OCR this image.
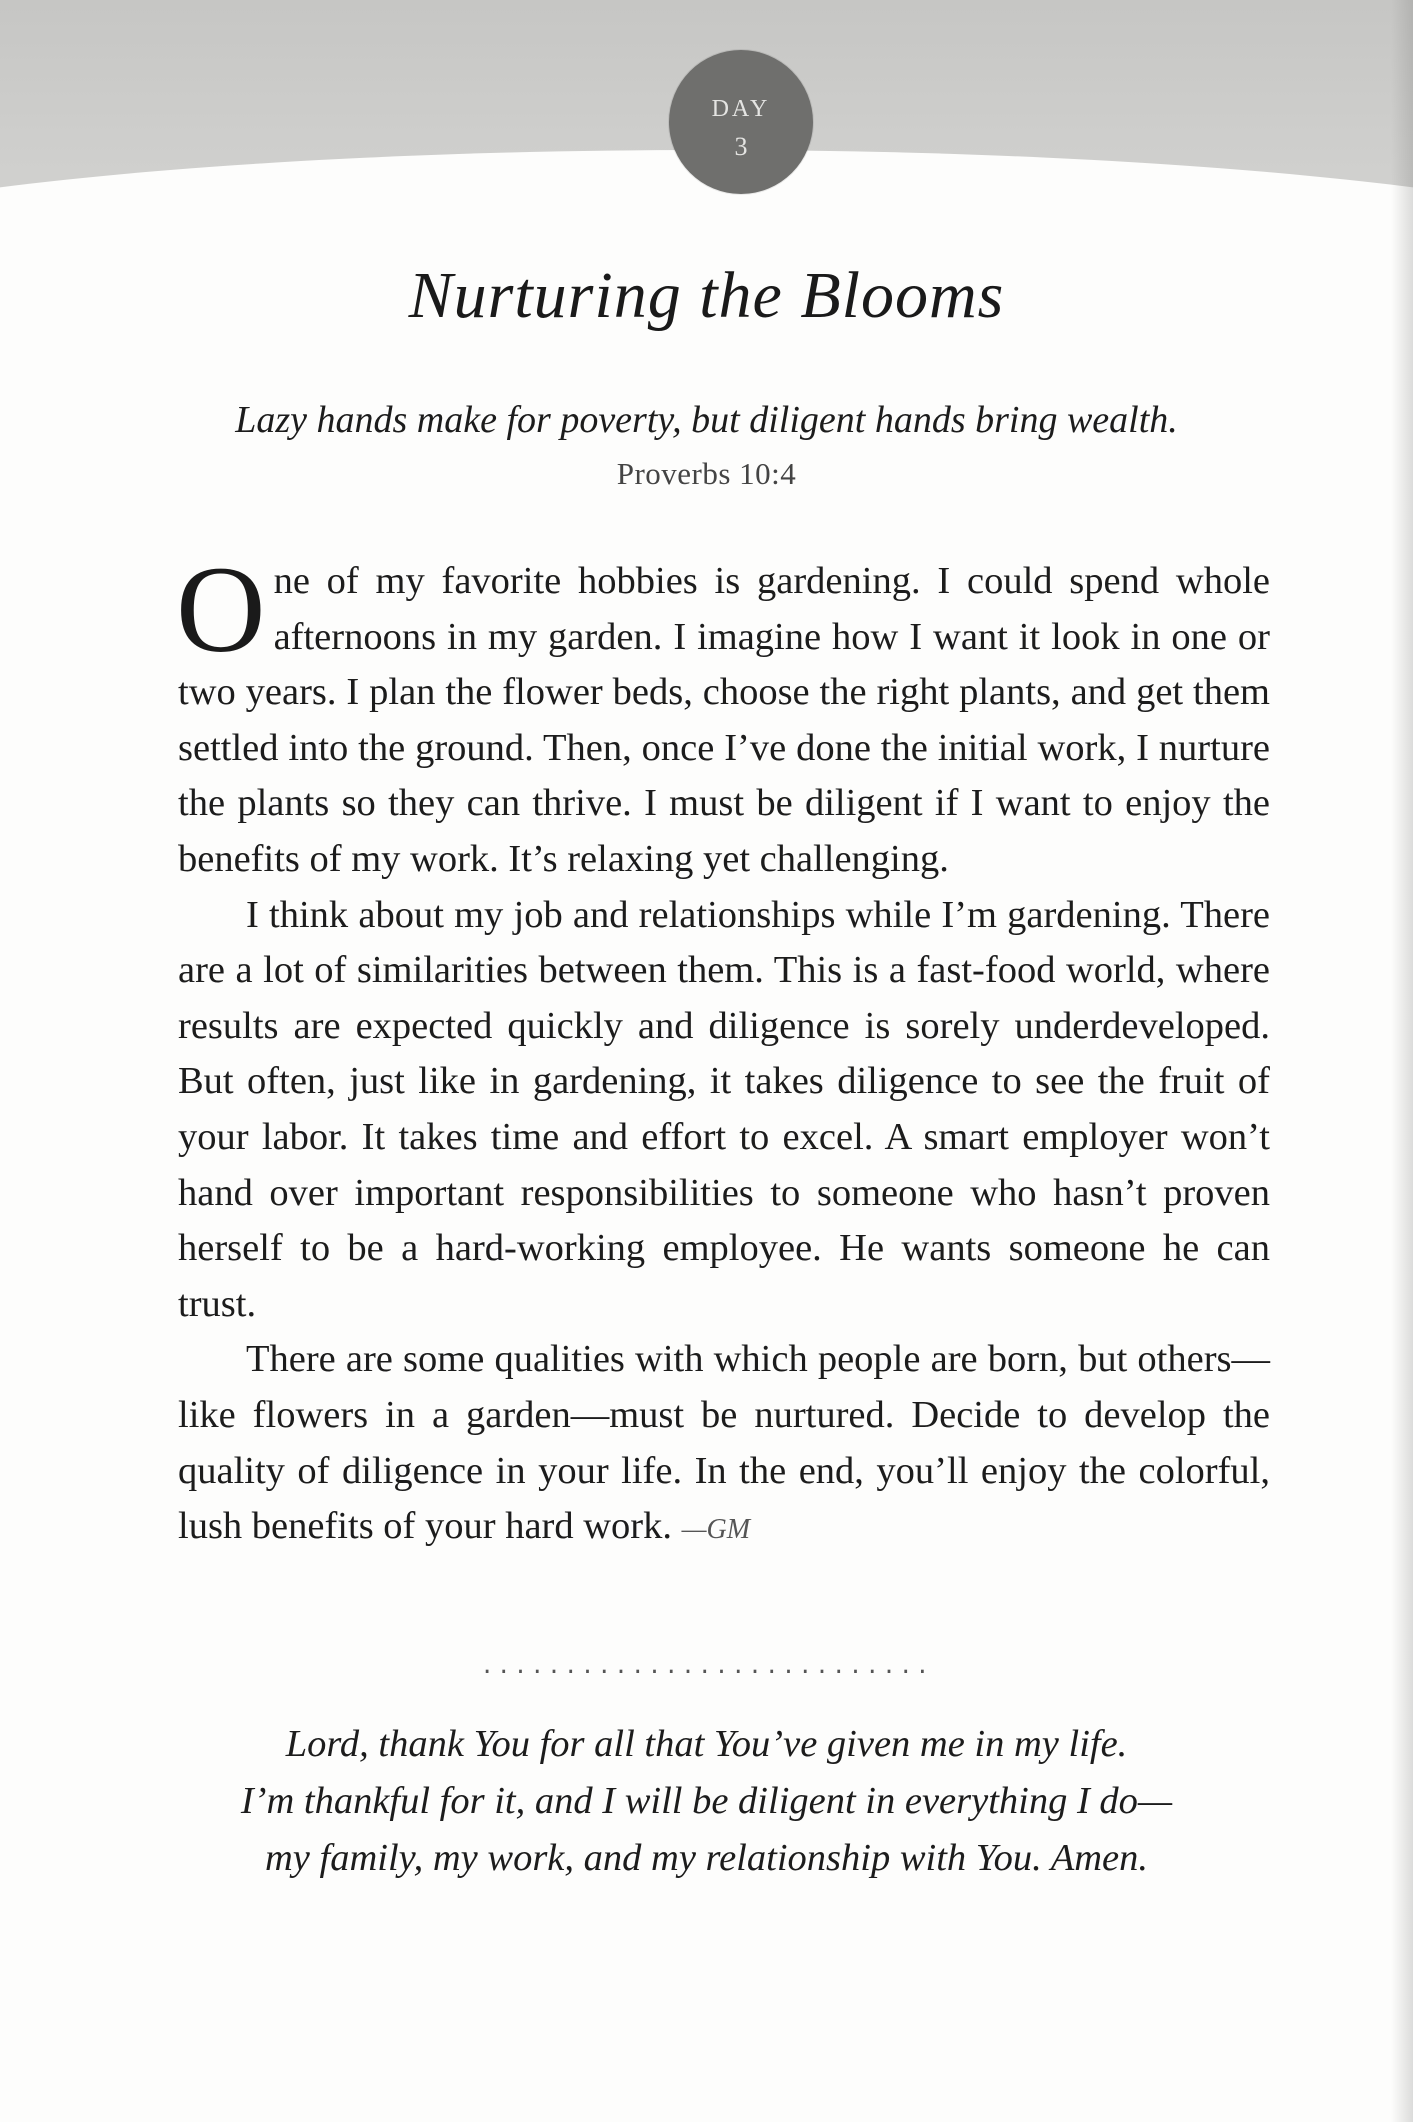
DAY
3
Nurturing the Blooms
Lazy hands make for poverty, but diligent hands bring wealth.
Proverbs 10:4

One of my favorite hobbies is gardening. I could spend whole afternoons in my garden. I imagine how I want it look in one or two years. I plan the flower beds, choose the right plants, and get them settled into the ground. Then, once I’ve done the initial work, I nurture the plants so they can thrive. I must be diligent if I want to enjoy the benefits of my work. It’s relaxing yet challenging.

I think about my job and relationships while I’m gardening. There are a lot of similarities between them. This is a fast-food world, where results are expected quickly and diligence is sorely underdeveloped. But often, just like in gardening, it takes diligence to see the fruit of your labor. It takes time and effort to excel. A smart employer won’t hand over important responsibilities to someone who hasn’t proven herself to be a hard-working employee. He wants someone he can trust.

There are some qualities with which people are born, but others—like flowers in a garden—must be nurtured. Decide to develop the quality of diligence in your life. In the end, you’ll enjoy the colorful, lush benefits of your hard work. —GM

...........................
Lord, thank You for all that You’ve given me in my life.
I’m thankful for it, and I will be diligent in everything I do—
my family, my work, and my relationship with You. Amen.
